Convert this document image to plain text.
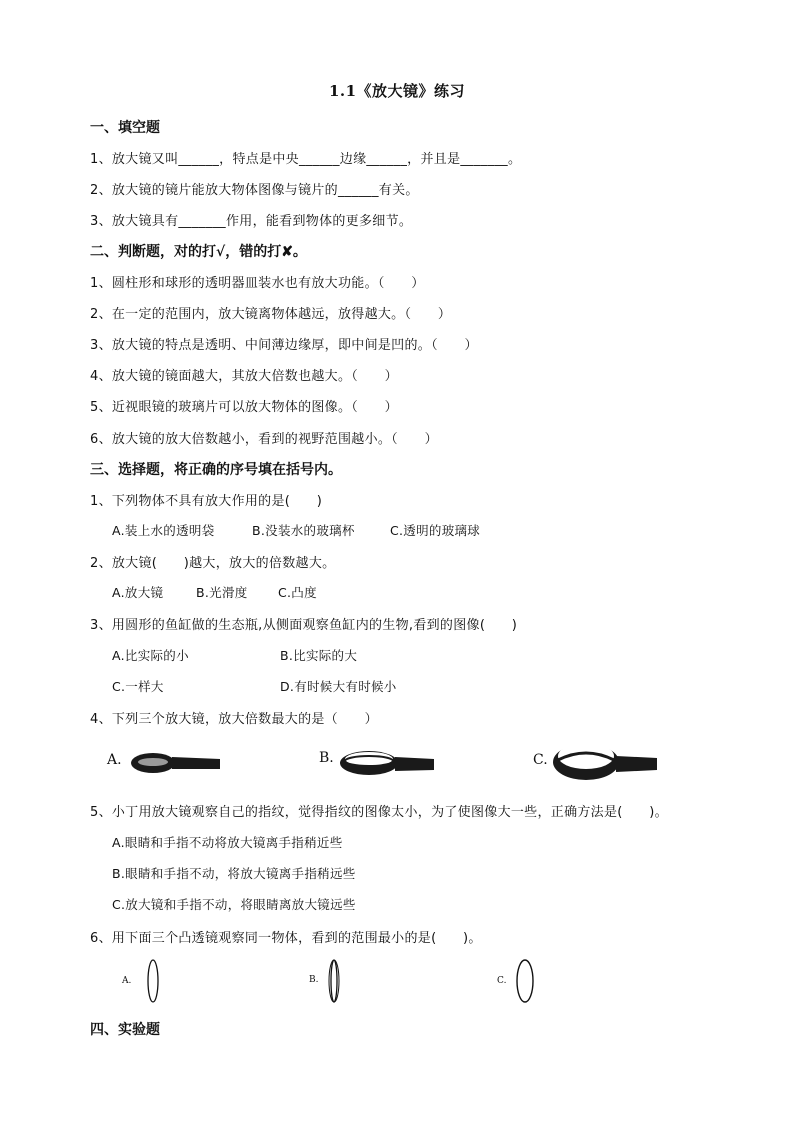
1.1《放大镜》练习
一、填空题
1、放大镜又叫______，特点是中央______边缘______，并且是_______。
2、放大镜的镜片能放大物体图像与镜片的______有关。
3、放大镜具有_______作用，能看到物体的更多细节。
二、判断题，对的打√，错的打✘。
1、圆柱形和球形的透明器皿装水也有放大功能。（　　）
2、在一定的范围内，放大镜离物体越远，放得越大。（　　）
3、放大镜的特点是透明、中间薄边缘厚，即中间是凹的。（　　）
4、放大镜的镜面越大，其放大倍数也越大。（　　）
5、近视眼镜的玻璃片可以放大物体的图像。（　　）
6、放大镜的放大倍数越小，看到的视野范围越小。（　　）
三、选择题，将正确的序号填在括号内。
1、下列物体不具有放大作用的是(　　)
A.装上水的透明袋	B.没装水的玻璃杯	C.透明的玻璃球
2、放大镜(　　)越大，放大的倍数越大。
A.放大镜	B.光滑度 C.凸度
3、用圆形的鱼缸做的生态瓶,从侧面观察鱼缸内的生物,看到的图像(　　)
A.比实际的小	B.比实际的大
C.一样大	D.有时候大有时候小
4、下列三个放大镜，放大倍数最大的是（　　）
A.	B.	C.
5、小丁用放大镜观察自己的指纹，觉得指纹的图像太小，为了使图像大一些，正确方法是(　　)。
A.眼睛和手指不动将放大镜离手指稍近些
B.眼睛和手指不动，将放大镜离手指稍远些
C.放大镜和手指不动，将眼睛离放大镜远些
6、用下面三个凸透镜观察同一物体，看到的范围最小的是(　　)。
A.	B.	C.
四、实验题
